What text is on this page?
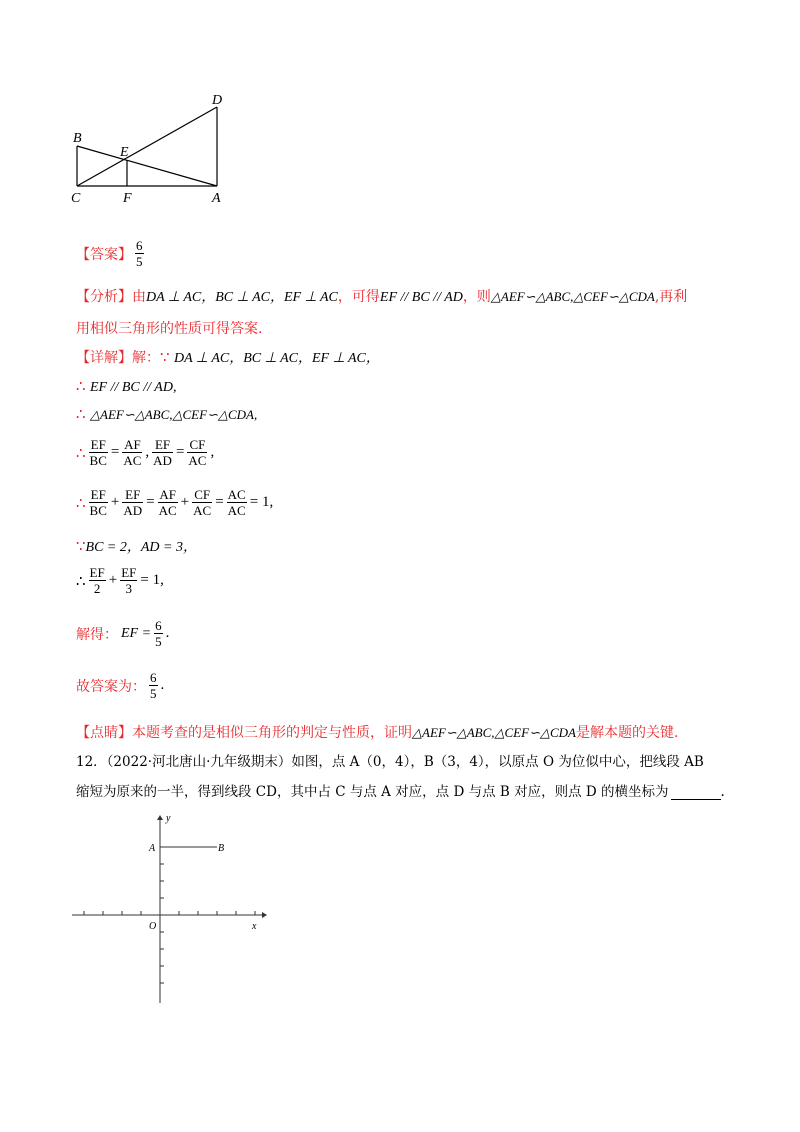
D
B
E
C	F	A
【答案】 $\frac{6}{5}$
【分析】由DA ⊥ AC，BC ⊥ AC，EF ⊥ AC，可得EF // BC // AD，则△AEF∽△ABC,△CEF∽△CDA,再利
用相似三角形的性质可得答案.
【详解】解：∵ DA ⊥ AC，BC ⊥ AC，EF ⊥ AC，
∴ EF // BC // AD,
∴ △AEF∽△ABC,△CEF∽△CDA,
∴ $\frac{EF}{BC} = \frac{AF}{AC}$ , $\frac{EF}{AD} = \frac{CF}{AC}$ ,
∴ $\frac{EF}{BC} + \frac{EF}{AD} = \frac{AF}{AC} + \frac{CF}{AC} = \frac{AC}{AC} = 1$,
∵BC = 2，AD = 3，
∴ $\frac{EF}{2} + \frac{EF}{3} = 1$,
解得： EF = $\frac{6}{5}$ .
故答案为： $\frac{6}{5}$ .
【点睛】本题考查的是相似三角形的判定与性质，证明△AEF∽△ABC,△CEF∽△CDA是解本题的关键.
12．（2022·河北唐山·九年级期末）如图，点 A（0，4），B（3，4），以原点 O 为位似中心，把线段 AB
缩短为原来的一半，得到线段 CD，其中占 C 与点 A 对应，点 D 与点 B 对应，则点 D 的横坐标为	.
y
x
O
A	B
